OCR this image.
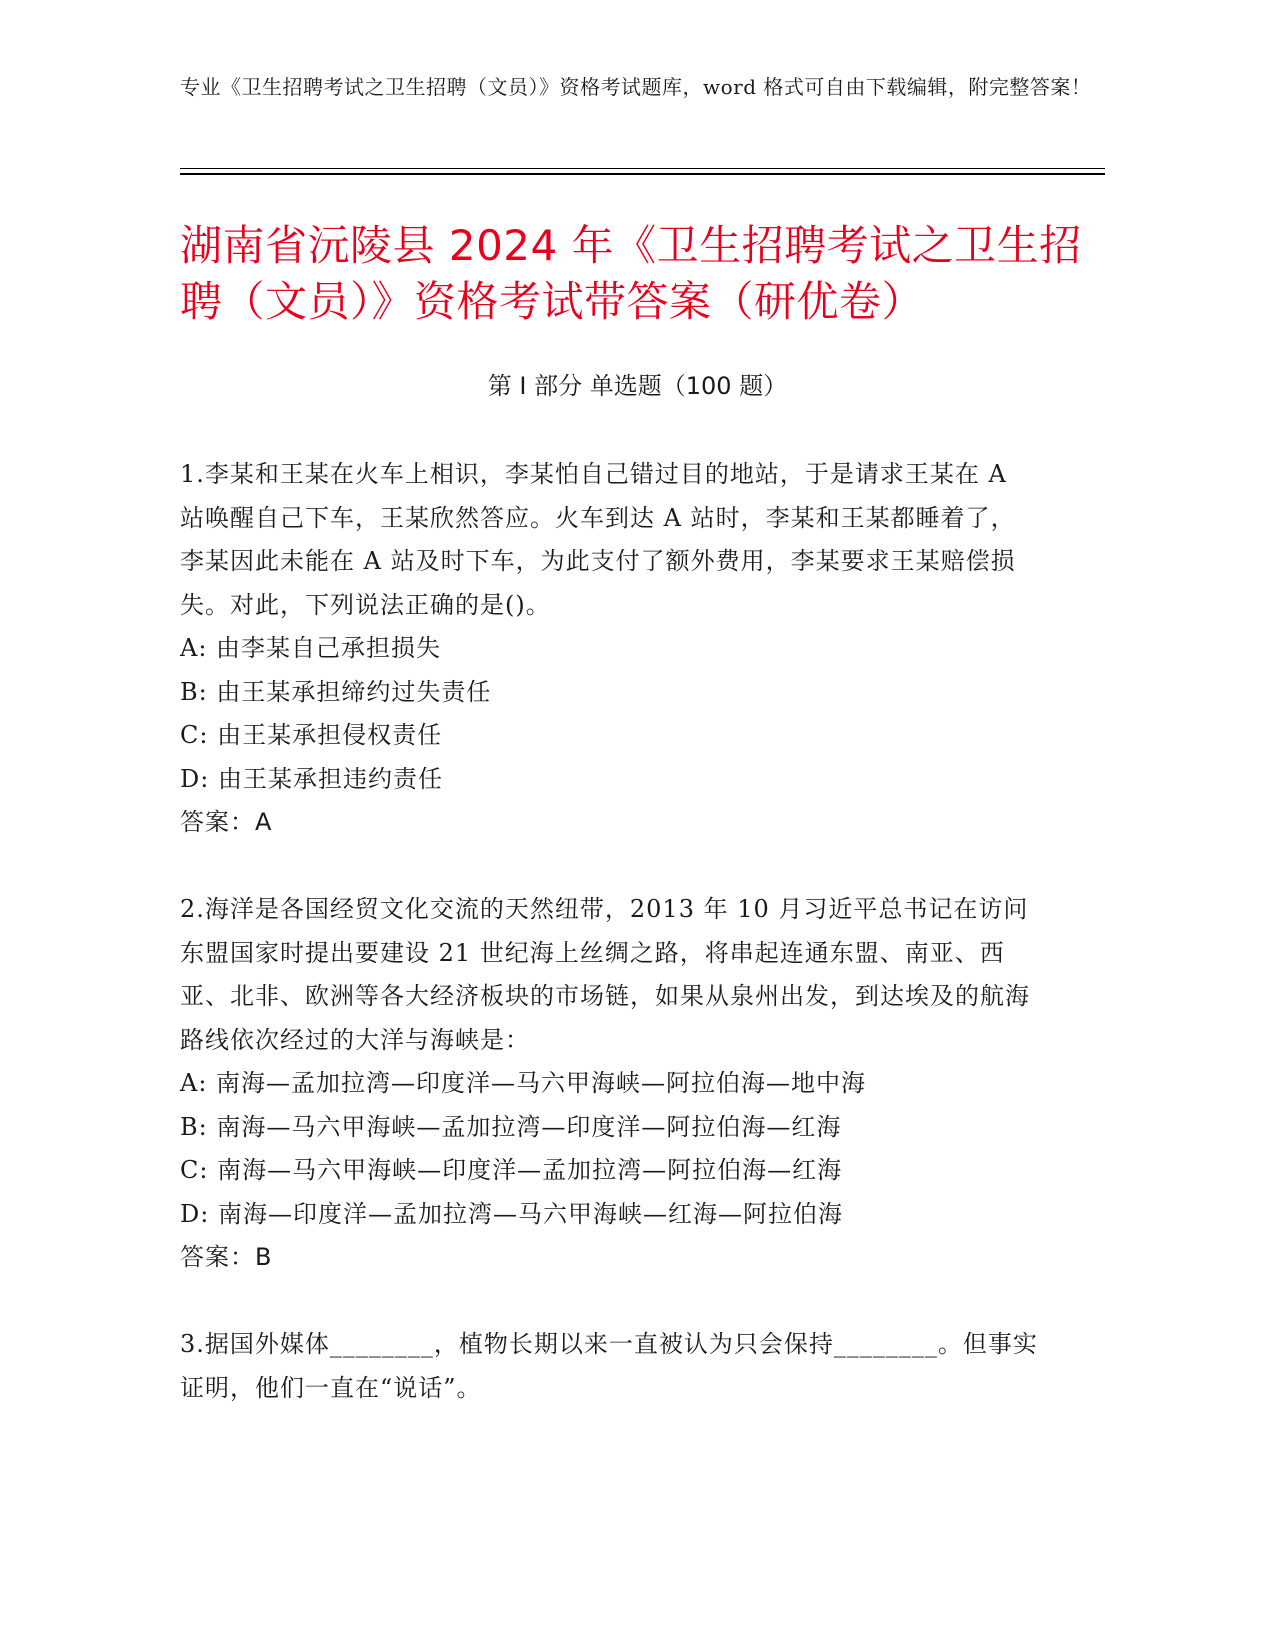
专业《卫生招聘考试之卫生招聘（文员）》资格考试题库，word 格式可自由下载编辑，附完整答案！
湖南省沅陵县 2024 年《卫生招聘考试之卫生招聘（文员）》资格考试带答案（研优卷）
第 I 部分 单选题（100 题）

1.李某和王某在火车上相识，李某怕自己错过目的地站，于是请求王某在 A 站唤醒自己下车，王某欣然答应。火车到达 A 站时，李某和王某都睡着了，李某因此未能在 A 站及时下车，为此支付了额外费用，李某要求王某赔偿损失。对此，下列说法正确的是()。

A: 由李某自己承担损失

B: 由王某承担缔约过失责任

C: 由王某承担侵权责任

D: 由王某承担违约责任

答案：A

2.海洋是各国经贸文化交流的天然纽带，2013 年 10 月习近平总书记在访问东盟国家时提出要建设 21 世纪海上丝绸之路，将串起连通东盟、南亚、西亚、北非、欧洲等各大经济板块的市场链，如果从泉州出发，到达埃及的航海路线依次经过的大洋与海峡是：

A: 南海—孟加拉湾—印度洋—马六甲海峡—阿拉伯海—地中海

B: 南海—马六甲海峡—孟加拉湾—印度洋—阿拉伯海—红海

C: 南海—马六甲海峡—印度洋—孟加拉湾—阿拉伯海—红海

D: 南海—印度洋—孟加拉湾—马六甲海峡—红海—阿拉伯海

答案：B

3.据国外媒体________，植物长期以来一直被认为只会保持________。但事实证明，他们一直在“说话”。
